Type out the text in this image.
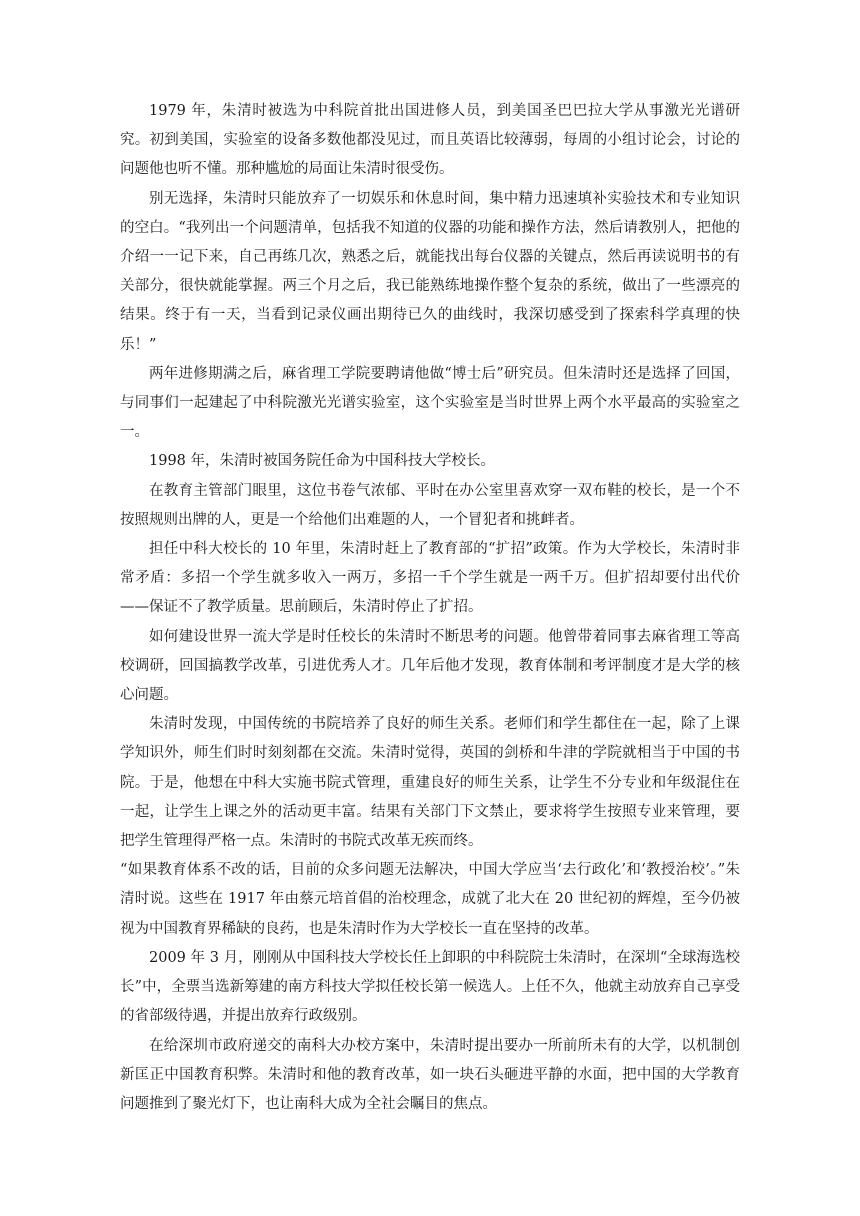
1979 年，朱清时被选为中科院首批出国进修人员，到美国圣巴巴拉大学从事激光光谱研究。初到美国，实验室的设备多数他都没见过，而且英语比较薄弱，每周的小组讨论会，讨论的问题他也听不懂。那种尴尬的局面让朱清时很受伤。

别无选择，朱清时只能放弃了一切娱乐和休息时间，集中精力迅速填补实验技术和专业知识的空白。“我列出一个问题清单，包括我不知道的仪器的功能和操作方法，然后请教别人，把他的介绍一一记下来，自己再练几次，熟悉之后，就能找出每台仪器的关键点，然后再读说明书的有关部分，很快就能掌握。两三个月之后，我已能熟练地操作整个复杂的系统，做出了一些漂亮的结果。终于有一天，当看到记录仪画出期待已久的曲线时，我深切感受到了探索科学真理的快乐！”

两年进修期满之后，麻省理工学院要聘请他做“博士后”研究员。但朱清时还是选择了回国，与同事们一起建起了中科院激光光谱实验室，这个实验室是当时世界上两个水平最高的实验室之一。

1998 年，朱清时被国务院任命为中国科技大学校长。

在教育主管部门眼里，这位书卷气浓郁、平时在办公室里喜欢穿一双布鞋的校长，是一个不按照规则出牌的人，更是一个给他们出难题的人，一个冒犯者和挑衅者。

担任中科大校长的 10 年里，朱清时赶上了教育部的“扩招”政策。作为大学校长，朱清时非常矛盾：多招一个学生就多收入一两万，多招一千个学生就是一两千万。但扩招却要付出代价——保证不了教学质量。思前顾后，朱清时停止了扩招。

如何建设世界一流大学是时任校长的朱清时不断思考的问题。他曾带着同事去麻省理工等高校调研，回国搞教学改革，引进优秀人才。几年后他才发现，教育体制和考评制度才是大学的核心问题。

朱清时发现，中国传统的书院培养了良好的师生关系。老师们和学生都住在一起，除了上课学知识外，师生们时时刻刻都在交流。朱清时觉得，英国的剑桥和牛津的学院就相当于中国的书院。于是，他想在中科大实施书院式管理，重建良好的师生关系，让学生不分专业和年级混住在一起，让学生上课之外的活动更丰富。结果有关部门下文禁止，要求将学生按照专业来管理，要把学生管理得严格一点。朱清时的书院式改革无疾而终。

“如果教育体系不改的话，目前的众多问题无法解决，中国大学应当‘去行政化’和‘教授治校’。”朱清时说。这些在 1917 年由蔡元培首倡的治校理念，成就了北大在 20 世纪初的辉煌，至今仍被视为中国教育界稀缺的良药，也是朱清时作为大学校长一直在坚持的改革。

2009 年 3 月，刚刚从中国科技大学校长任上卸职的中科院院士朱清时，在深圳“全球海选校长”中，全票当选新筹建的南方科技大学拟任校长第一候选人。上任不久，他就主动放弃自己享受的省部级待遇，并提出放弃行政级别。

在给深圳市政府递交的南科大办校方案中，朱清时提出要办一所前所未有的大学，以机制创新匡正中国教育积弊。朱清时和他的教育改革，如一块石头砸进平静的水面，把中国的大学教育问题推到了聚光灯下，也让南科大成为全社会瞩目的焦点。
